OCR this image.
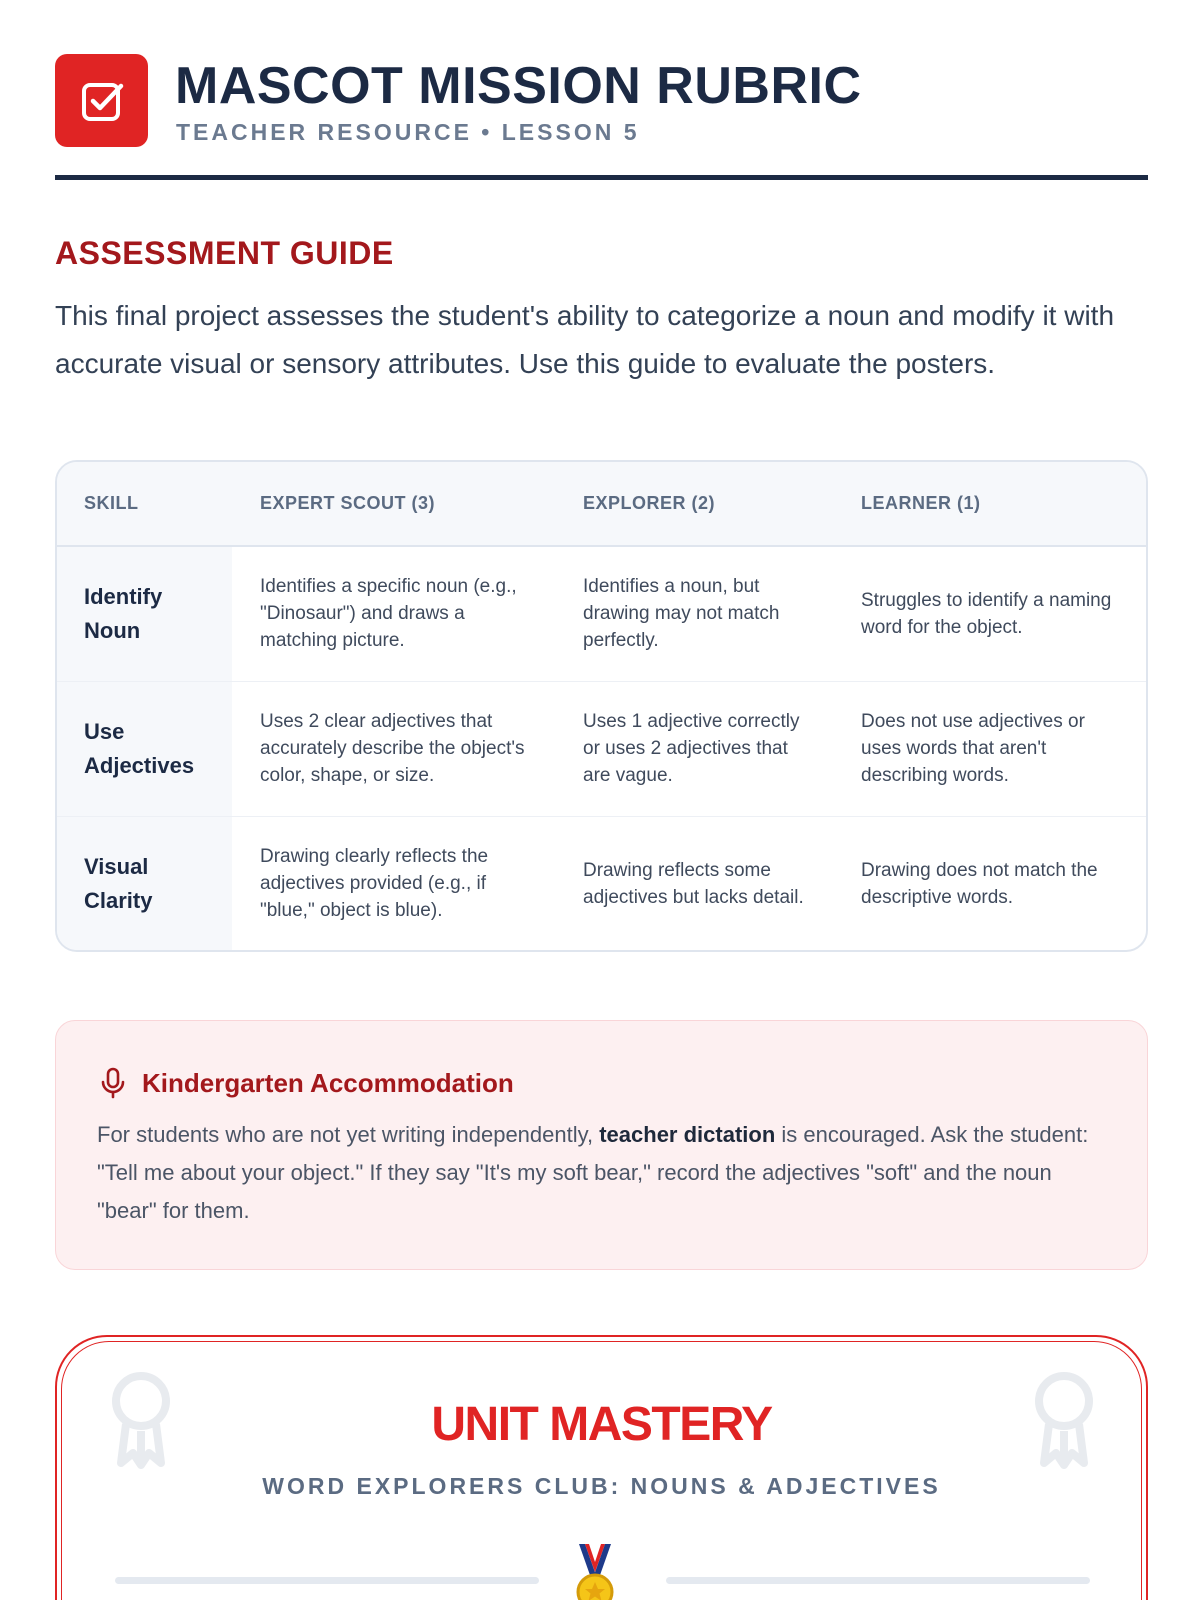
MASCOT MISSION RUBRIC
TEACHER RESOURCE • LESSON 5
ASSESSMENT GUIDE

This final project assesses the student's ability to categorize a noun and modify it with accurate visual or sensory attributes. Use this guide to evaluate the posters.

SKILL	EXPERT SCOUT (3)	EXPLORER (2)	LEARNER (1)
Identify Noun	Identifies a specific noun (e.g., "Dinosaur") and draws a matching picture.	Identifies a noun, but drawing may not match perfectly.	Struggles to identify a naming word for the object.
Use Adjectives	Uses 2 clear adjectives that accurately describe the object's color, shape, or size.	Uses 1 adjective correctly or uses 2 adjectives that are vague.	Does not use adjectives or uses words that aren't describing words.
Visual Clarity	Drawing clearly reflects the adjectives provided (e.g., if "blue," object is blue).	Drawing reflects some adjectives but lacks detail.	Drawing does not match the descriptive words.
Kindergarten Accommodation

For students who are not yet writing independently, teacher dictation is encouraged. Ask the student: "Tell me about your object." If they say "It's my soft bear," record the adjectives "soft" and the noun "bear" for them.

UNIT MASTERY
WORD EXPLORERS CLUB: NOUNS & ADJECTIVES
